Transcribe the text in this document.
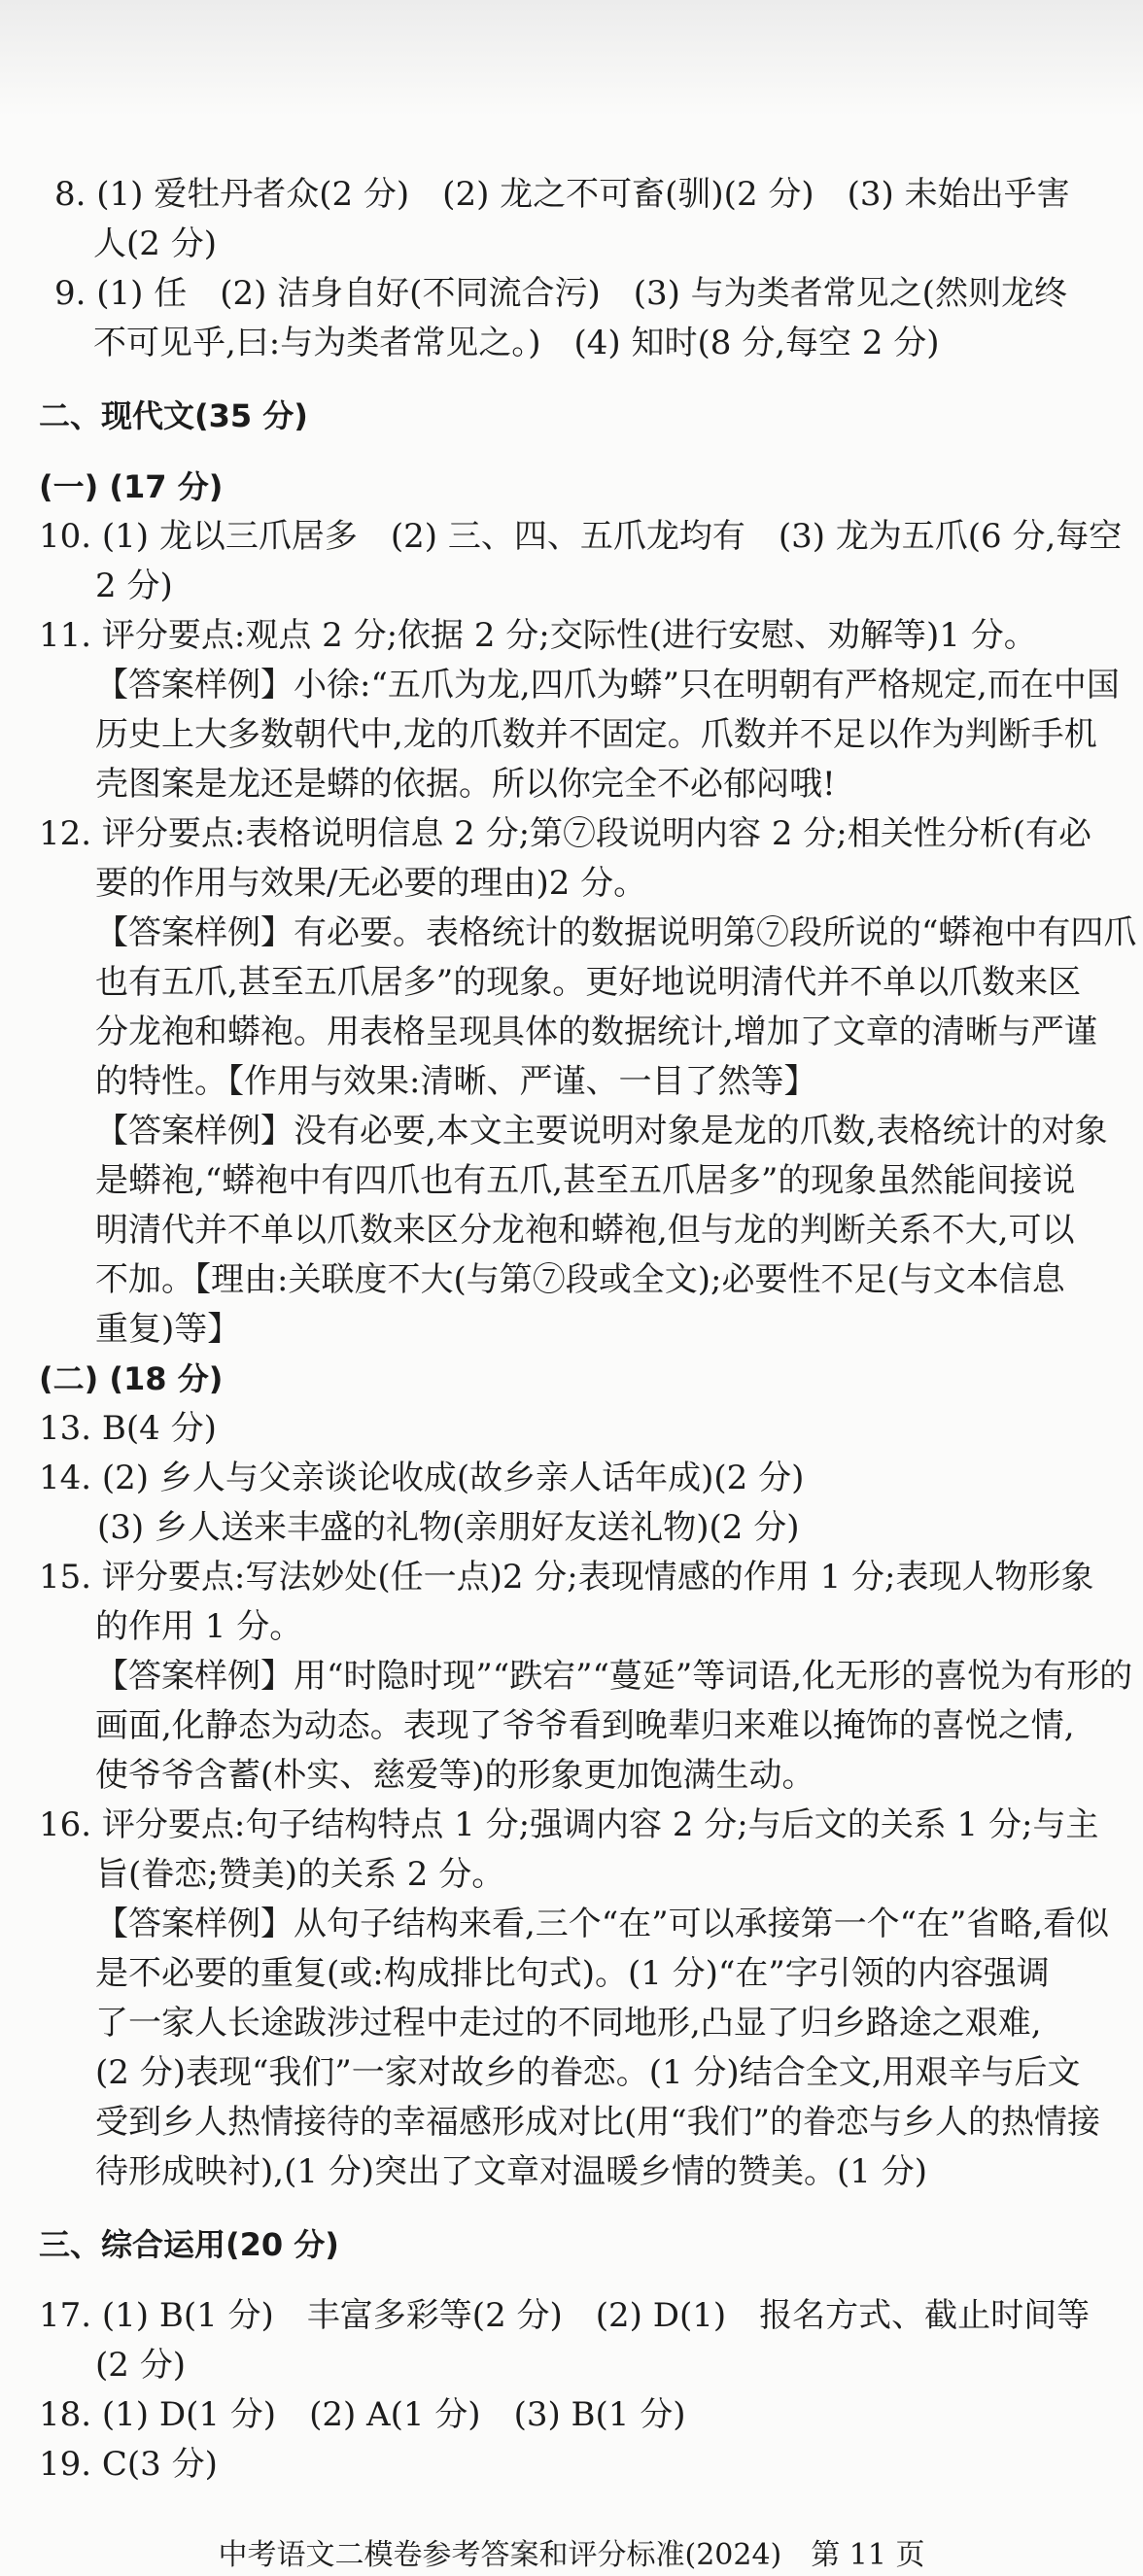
8. (1) 爱牡丹者众(2 分)　(2) 龙之不可畜(驯)(2 分)　(3) 未始出乎害
人(2 分)
9. (1) 任　(2) 洁身自好(不同流合污)　(3) 与为类者常见之(然则龙终
不可见乎,曰:与为类者常见之。)　(4) 知时(8 分,每空 2 分)
二、现代文(35 分)
(一) (17 分)
10. (1) 龙以三爪居多　(2) 三、四、五爪龙均有　(3) 龙为五爪(6 分,每空
2 分)
11. 评分要点:观点 2 分;依据 2 分;交际性(进行安慰、劝解等)1 分。
【答案样例】小徐:“五爪为龙,四爪为蟒”只在明朝有严格规定,而在中国
历史上大多数朝代中,龙的爪数并不固定。爪数并不足以作为判断手机
壳图案是龙还是蟒的依据。所以你完全不必郁闷哦!
12. 评分要点:表格说明信息 2 分;第⑦段说明内容 2 分;相关性分析(有必
要的作用与效果/无必要的理由)2 分。
【答案样例】有必要。表格统计的数据说明第⑦段所说的“蟒袍中有四爪
也有五爪,甚至五爪居多”的现象。更好地说明清代并不单以爪数来区
分龙袍和蟒袍。用表格呈现具体的数据统计,增加了文章的清晰与严谨
的特性。【作用与效果:清晰、严谨、一目了然等】
【答案样例】没有必要,本文主要说明对象是龙的爪数,表格统计的对象
是蟒袍,“蟒袍中有四爪也有五爪,甚至五爪居多”的现象虽然能间接说
明清代并不单以爪数来区分龙袍和蟒袍,但与龙的判断关系不大,可以
不加。【理由:关联度不大(与第⑦段或全文);必要性不足(与文本信息
重复)等】
(二) (18 分)
13. B(4 分)
14. (2) 乡人与父亲谈论收成(故乡亲人话年成)(2 分)
(3) 乡人送来丰盛的礼物(亲朋好友送礼物)(2 分)
15. 评分要点:写法妙处(任一点)2 分;表现情感的作用 1 分;表现人物形象
的作用 1 分。
【答案样例】用“时隐时现”“跌宕”“蔓延”等词语,化无形的喜悦为有形的
画面,化静态为动态。表现了爷爷看到晚辈归来难以掩饰的喜悦之情,
使爷爷含蓄(朴实、慈爱等)的形象更加饱满生动。
16. 评分要点:句子结构特点 1 分;强调内容 2 分;与后文的关系 1 分;与主
旨(眷恋;赞美)的关系 2 分。
【答案样例】从句子结构来看,三个“在”可以承接第一个“在”省略,看似
是不必要的重复(或:构成排比句式)。(1 分)“在”字引领的内容强调
了一家人长途跋涉过程中走过的不同地形,凸显了归乡路途之艰难,
(2 分)表现“我们”一家对故乡的眷恋。(1 分)结合全文,用艰辛与后文
受到乡人热情接待的幸福感形成对比(用“我们”的眷恋与乡人的热情接
待形成映衬),(1 分)突出了文章对温暖乡情的赞美。(1 分)
三、综合运用(20 分)
17. (1) B(1 分)　丰富多彩等(2 分)　(2) D(1)　报名方式、截止时间等
(2 分)
18. (1) D(1 分)　(2) A(1 分)　(3) B(1 分)
19. C(3 分)
中考语文二模卷参考答案和评分标准(2024)　第 11 页
